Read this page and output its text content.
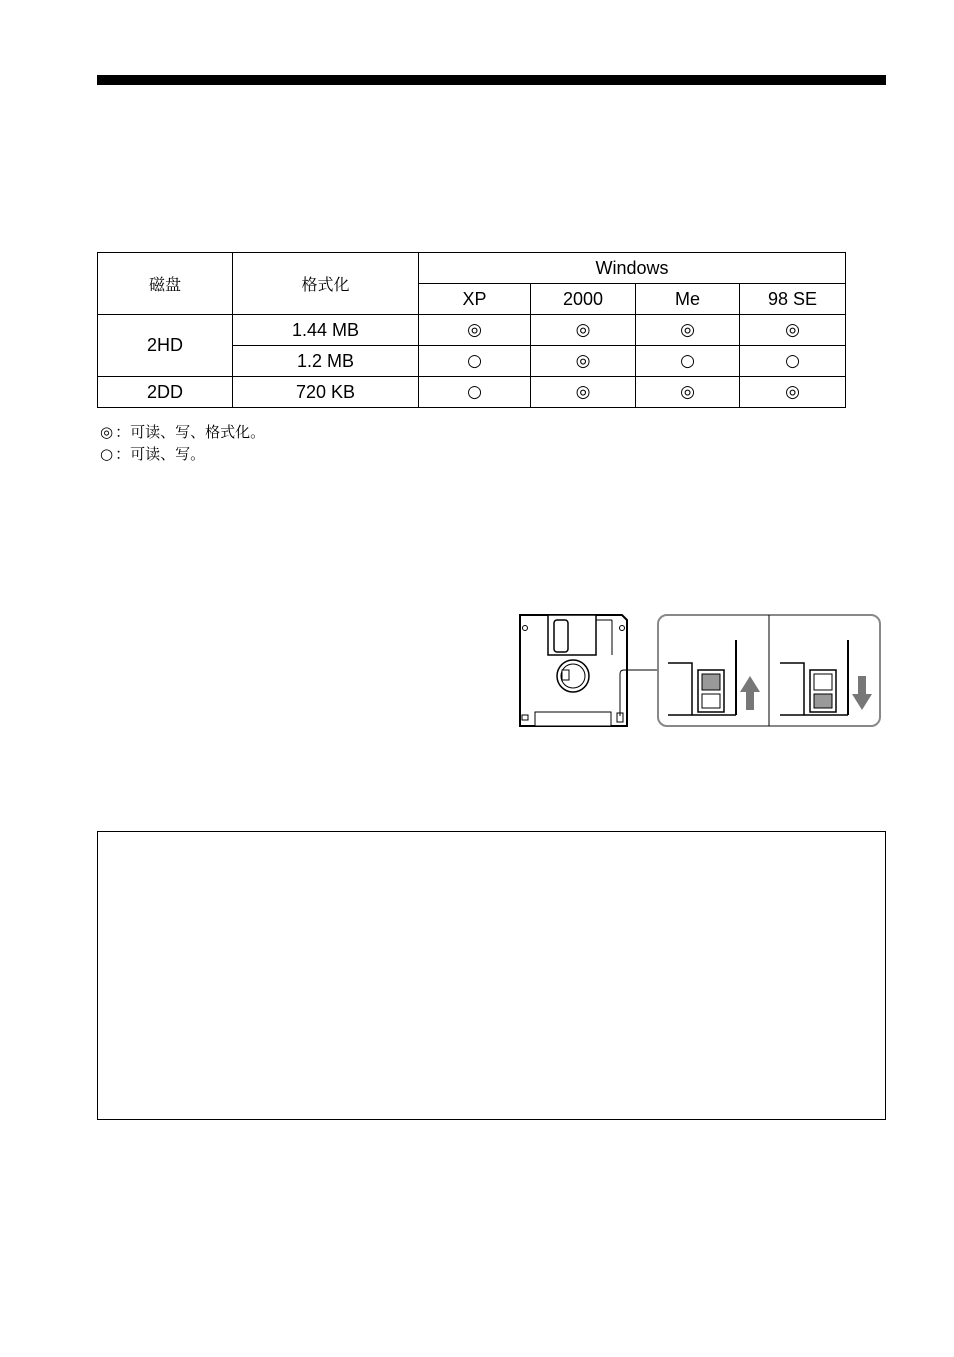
磁盘	格式化	Windows			
		XP	2000	Me	98 SE
2HD	1.44 MB	◎	◎	◎	◎
	1.2 MB	○	◎	○	○
2DD	720 KB	○	◎	◎	◎
◎ ：可读、写、格式化。
○ ：可读、写。
